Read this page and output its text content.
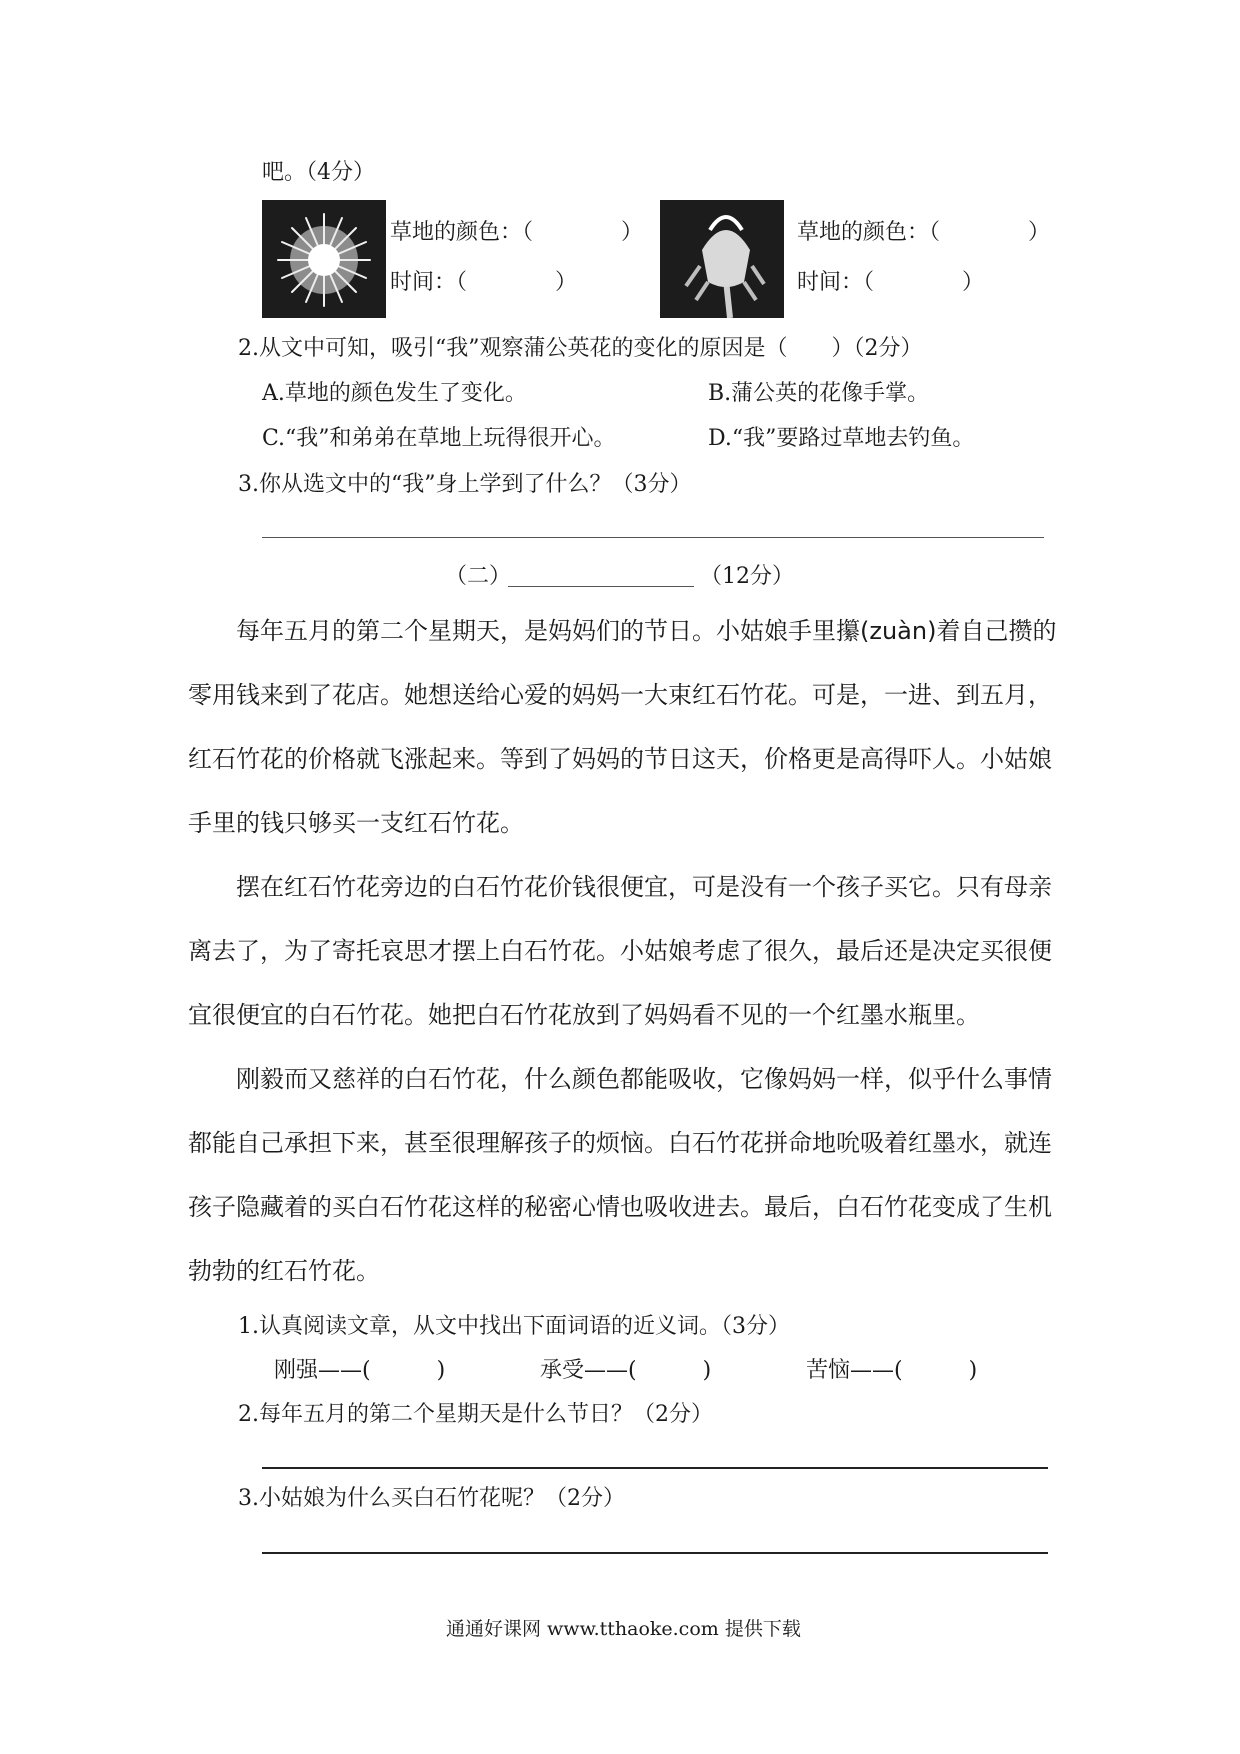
吧。（4分）
草地的颜色：（　　　　）
时间：（　　　　）
草地的颜色：（　　　　）
时间：（　　　　）
2.从文中可知，吸引“我”观察蒲公英花的变化的原因是（　　）（2分）
A.草地的颜色发生了变化。	B.蒲公英的花像手掌。
C.“我”和弟弟在草地上玩得很开心。	D.“我”要路过草地去钓鱼。
3.你从选文中的“我”身上学到了什么？（3分）
（二）	（12分）

每年五月的第二个星期天，是妈妈们的节日。小姑娘手里攥(zuàn)着自己攒的零用钱来到了花店。她想送给心爱的妈妈一大束红石竹花。可是，一进、到五月，红石竹花的价格就飞涨起来。等到了妈妈的节日这天，价格更是高得吓人。小姑娘手里的钱只够买一支红石竹花。

摆在红石竹花旁边的白石竹花价钱很便宜，可是没有一个孩子买它。只有母亲离去了，为了寄托哀思才摆上白石竹花。小姑娘考虑了很久，最后还是决定买很便宜很便宜的白石竹花。她把白石竹花放到了妈妈看不见的一个红墨水瓶里。

刚毅而又慈祥的白石竹花，什么颜色都能吸收，它像妈妈一样，似乎什么事情都能自己承担下来，甚至很理解孩子的烦恼。白石竹花拼命地吮吸着红墨水，就连孩子隐藏着的买白石竹花这样的秘密心情也吸收进去。最后，白石竹花变成了生机勃勃的红石竹花。

1.认真阅读文章，从文中找出下面词语的近义词。（3分）
刚强——(　　　)	承受——(　　　)	苦恼——(　　　)
2.每年五月的第二个星期天是什么节日？（2分）
3.小姑娘为什么买白石竹花呢？（2分）
通通好课网 www.tthaoke.com 提供下载
